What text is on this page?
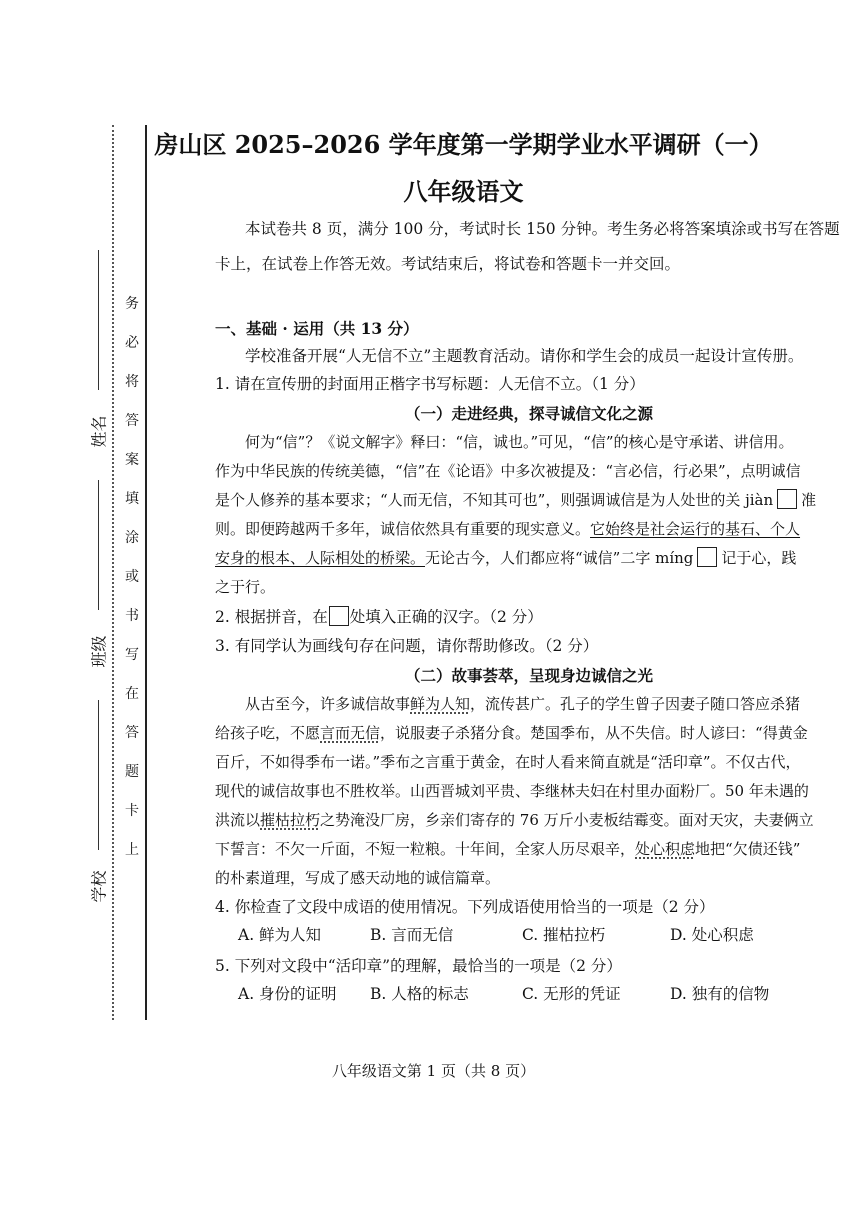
务
必
将
答
案
填
涂
或
书
写
在
答
题
卡
上
姓名
班级
学校
房山区 2025–2026 学年度第一学期学业水平调研（一）
八年级语文
本试卷共 8 页，满分 100 分，考试时长 150 分钟。考生务必将答案填涂或书写在答题
卡上，在试卷上作答无效。考试结束后，将试卷和答题卡一并交回。
一、基础 · 运用（共 13 分）
学校准备开展“人无信不立”主题教育活动。请你和学生会的成员一起设计宣传册。
1. 请在宣传册的封面用正楷字书写标题：人无信不立。（1 分）
（一）走进经典，探寻诚信文化之源
何为“信”？《说文解字》释曰：“信，诚也。”可见，“信”的核心是守承诺、讲信用。
作为中华民族的传统美德，“信”在《论语》中多次被提及：“言必信，行必果”，点明诚信
是个人修养的基本要求；“人而无信，不知其可也”，则强调诚信是为人处世的关 jiàn 准
则。即便跨越两千多年，诚信依然具有重要的现实意义。它始终是社会运行的基石、个人
安身的根本、人际相处的桥梁。无论古今，人们都应将“诚信”二字 míng 记于心，践
之于行。
2. 根据拼音，在 处填入正确的汉字。（2 分）
3. 有同学认为画线句存在问题，请你帮助修改。（2 分）
（二）故事荟萃，呈现身边诚信之光
从古至今，许多诚信故事鲜为人知，流传甚广。孔子的学生曾子因妻子随口答应杀猪
给孩子吃，不愿言而无信，说服妻子杀猪分食。楚国季布，从不失信。时人谚曰：“得黄金
百斤，不如得季布一诺。”季布之言重于黄金，在时人看来简直就是“活印章”。不仅古代，
现代的诚信故事也不胜枚举。山西晋城刘平贵、李继林夫妇在村里办面粉厂。50 年未遇的
洪流以摧枯拉朽之势淹没厂房，乡亲们寄存的 76 万斤小麦板结霉变。面对天灾，夫妻俩立
下誓言：不欠一斤面，不短一粒粮。十年间，全家人历尽艰辛，处心积虑地把“欠债还钱”
的朴素道理，写成了感天动地的诚信篇章。
4. 你检查了文段中成语的使用情况。下列成语使用恰当的一项是（2 分）
A. 鲜为人知	B. 言而无信	C. 摧枯拉朽	D. 处心积虑
5. 下列对文段中“活印章”的理解，最恰当的一项是（2 分）
A. 身份的证明 B. 人格的标志	C. 无形的凭证	D. 独有的信物
八年级语文第 1 页（共 8 页）
